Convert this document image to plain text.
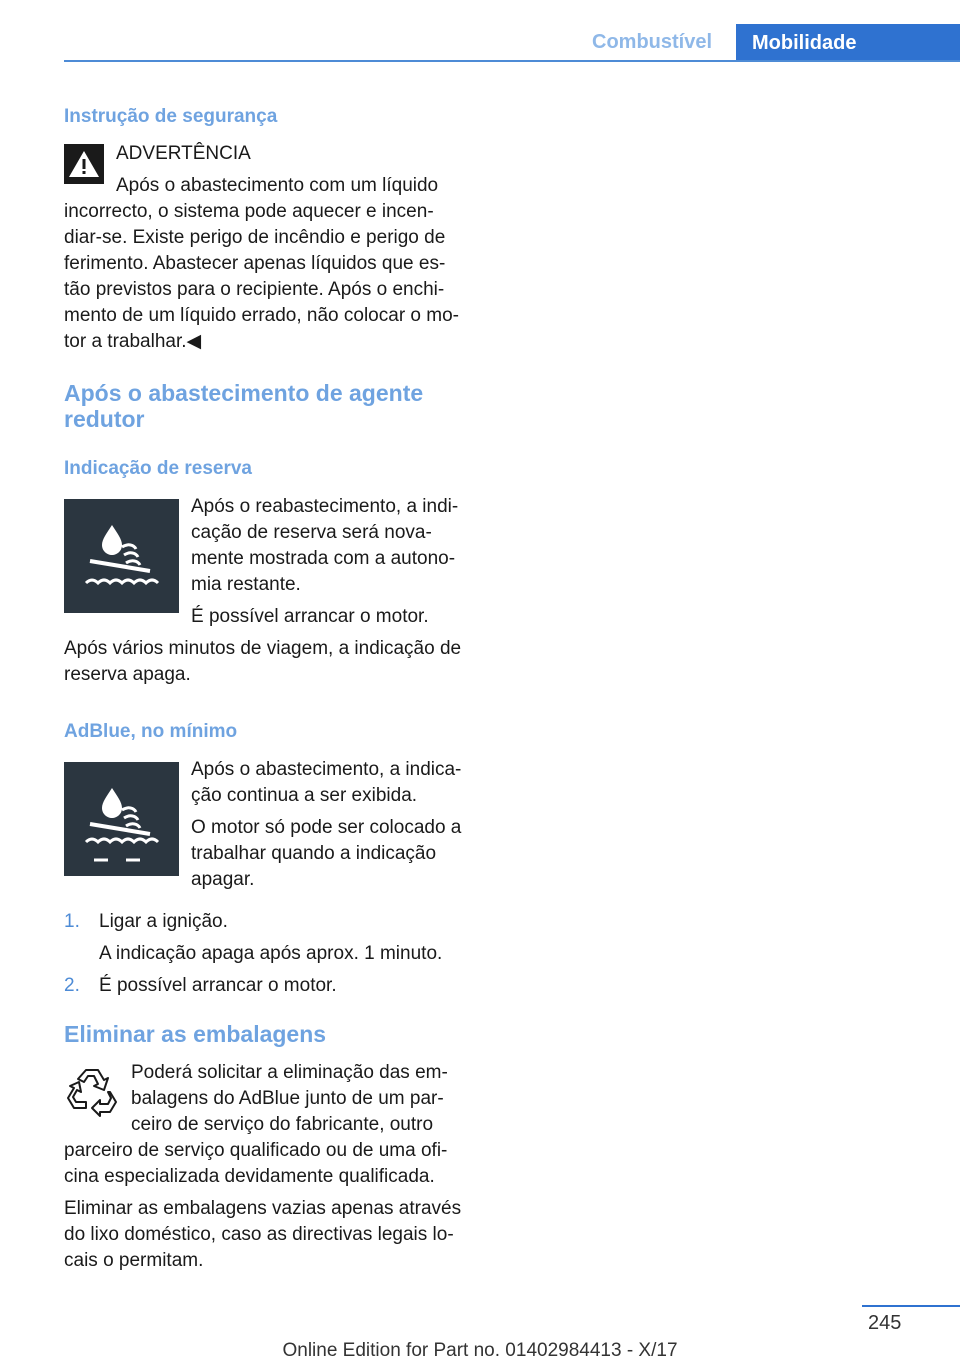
Combustível	Mobilidade
Instrução de segurança
ADVERTÊNCIA
Após o abastecimento com um líquido
incorrecto, o sistema pode aquecer e incen‐
diar-se. Existe perigo de incêndio e perigo de
ferimento. Abastecer apenas líquidos que es‐
tão previstos para o recipiente. Após o enchi‐
mento de um líquido errado, não colocar o mo‐
tor a trabalhar.◀
Após o abastecimento de agente
redutor
Indicação de reserva
Após o reabastecimento, a indi‐
cação de reserva será nova‐
mente mostrada com a autono‐
mia restante.
É possível arrancar o motor.
Após vários minutos de viagem, a indicação de
reserva apaga.
AdBlue, no mínimo
Após o abastecimento, a indica‐
ção continua a ser exibida.
O motor só pode ser colocado a
trabalhar quando a indicação
apagar.
1. Ligar a ignição.
A indicação apaga após aprox. 1 minuto.
2. É possível arrancar o motor.
Eliminar as embalagens
Poderá solicitar a eliminação das em‐
balagens do AdBlue junto de um par‐
ceiro de serviço do fabricante, outro
parceiro de serviço qualificado ou de uma ofi‐
cina especializada devidamente qualificada.
Eliminar as embalagens vazias apenas através
do lixo doméstico, caso as directivas legais lo‐
cais o permitam.
245
Online Edition for Part no. 01402984413 - X/17
